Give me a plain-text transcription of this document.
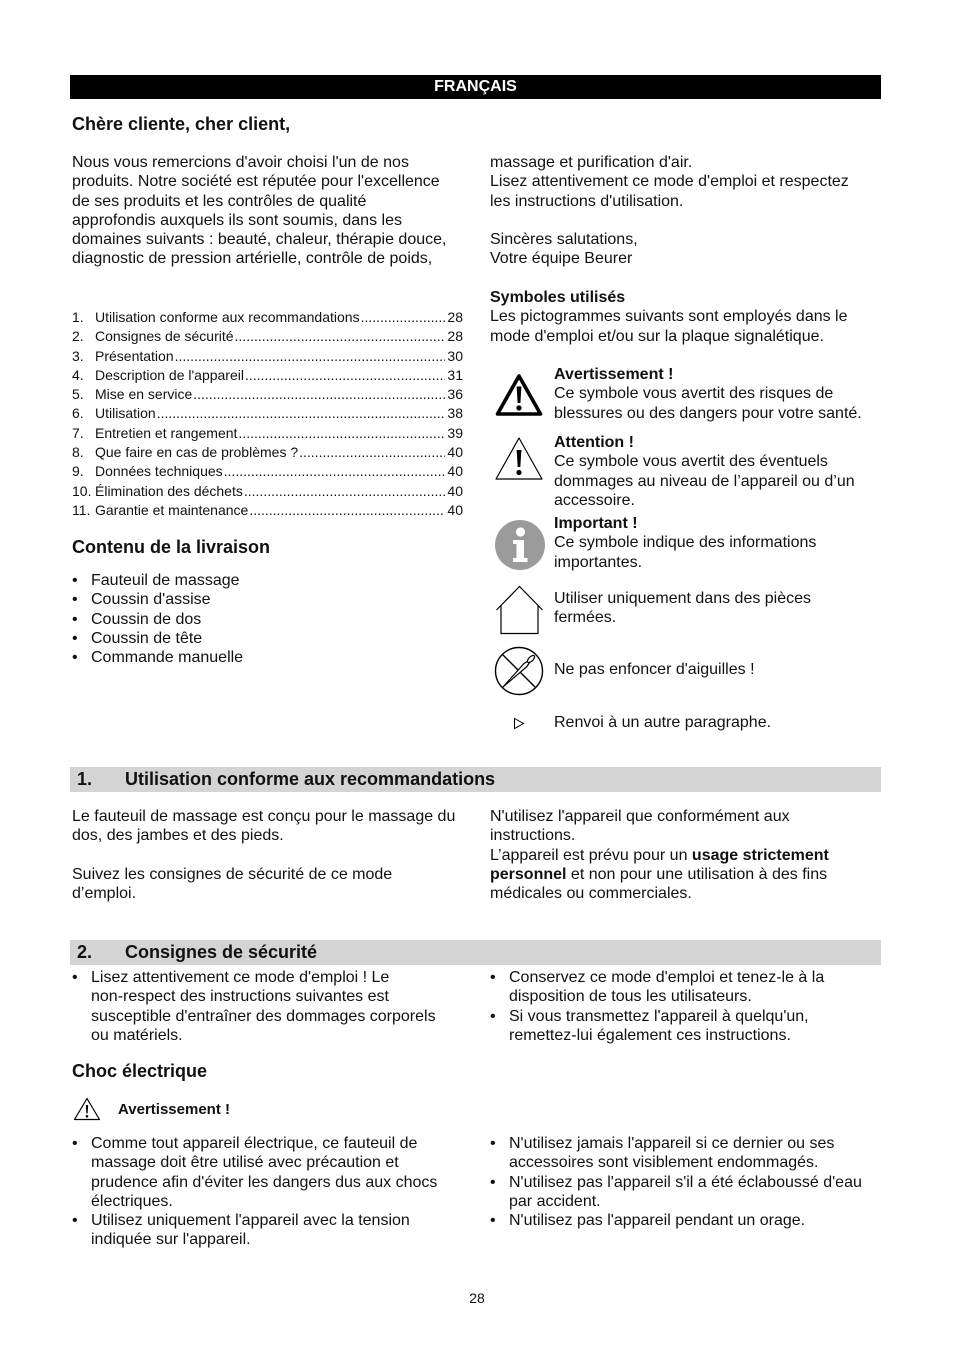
FRANÇAIS
Chère cliente, cher client,
Nous vous remercions d'avoir choisi l'un de nos
produits. Notre société est réputée pour l'excellence
de ses produits et les contrôles de qualité
approfondis auxquels ils sont soumis, dans les
domaines suivants : beauté, chaleur, thérapie douce,
diagnostic de pression artérielle, contrôle de poids,
massage et purification d'air.
Lisez attentivement ce mode d'emploi et respectez
les instructions d'utilisation.
Sincères salutations,
Votre équipe Beurer
1. Utilisation conforme aux recommandations .....	28
2. Consignes de sécurité .....	28
3. Présentation .....	30
4. Description de l'appareil .....	31
5. Mise en service .....	36
6. Utilisation .....	38
7. Entretien et rangement .....	39
8. Que faire en cas de problèmes ? .....	40
9. Données techniques .....	40
10. Élimination des déchets .....	40
11. Garantie et maintenance .....	40
Contenu de la livraison
• Fauteuil de massage
• Coussin d'assise
• Coussin de dos
• Coussin de tête
• Commande manuelle
Symboles utilisés
Les pictogrammes suivants sont employés dans le
mode d'emploi et/ou sur la plaque signalétique.
Avertissement !
Ce symbole vous avertit des risques de
blessures ou des dangers pour votre santé.
Attention !
Ce symbole vous avertit des éventuels
dommages au niveau de l’appareil ou d’un
accessoire.
Important !
Ce symbole indique des informations
importantes.
Utiliser uniquement dans des pièces
fermées.
Ne pas enfoncer d'aiguilles !
Renvoi à un autre paragraphe.
1. Utilisation conforme aux recommandations
Le fauteuil de massage est conçu pour le massage du
dos, des jambes et des pieds.
Suivez les consignes de sécurité de ce mode
d’emploi.
N'utilisez l'appareil que conformément aux
instructions.
L’appareil est prévu pour un usage strictement
personnel et non pour une utilisation à des fins
médicales ou commerciales.
2. Consignes de sécurité
• Lisez attentivement ce mode d'emploi ! Le
non-respect des instructions suivantes est
susceptible d'entraîner des dommages corporels
ou matériels.
• Conservez ce mode d'emploi et tenez-le à la
disposition de tous les utilisateurs.
• Si vous transmettez l'appareil à quelqu'un,
remettez-lui également ces instructions.
Choc électrique
Avertissement !
• Comme tout appareil électrique, ce fauteuil de
massage doit être utilisé avec précaution et
prudence afin d'éviter les dangers dus aux chocs
électriques.
• Utilisez uniquement l'appareil avec la tension
indiquée sur l'appareil.
• N'utilisez jamais l'appareil si ce dernier ou ses
accessoires sont visiblement endommagés.
• N'utilisez pas l'appareil s'il a été éclaboussé d'eau
par accident.
• N'utilisez pas l'appareil pendant un orage.
28
